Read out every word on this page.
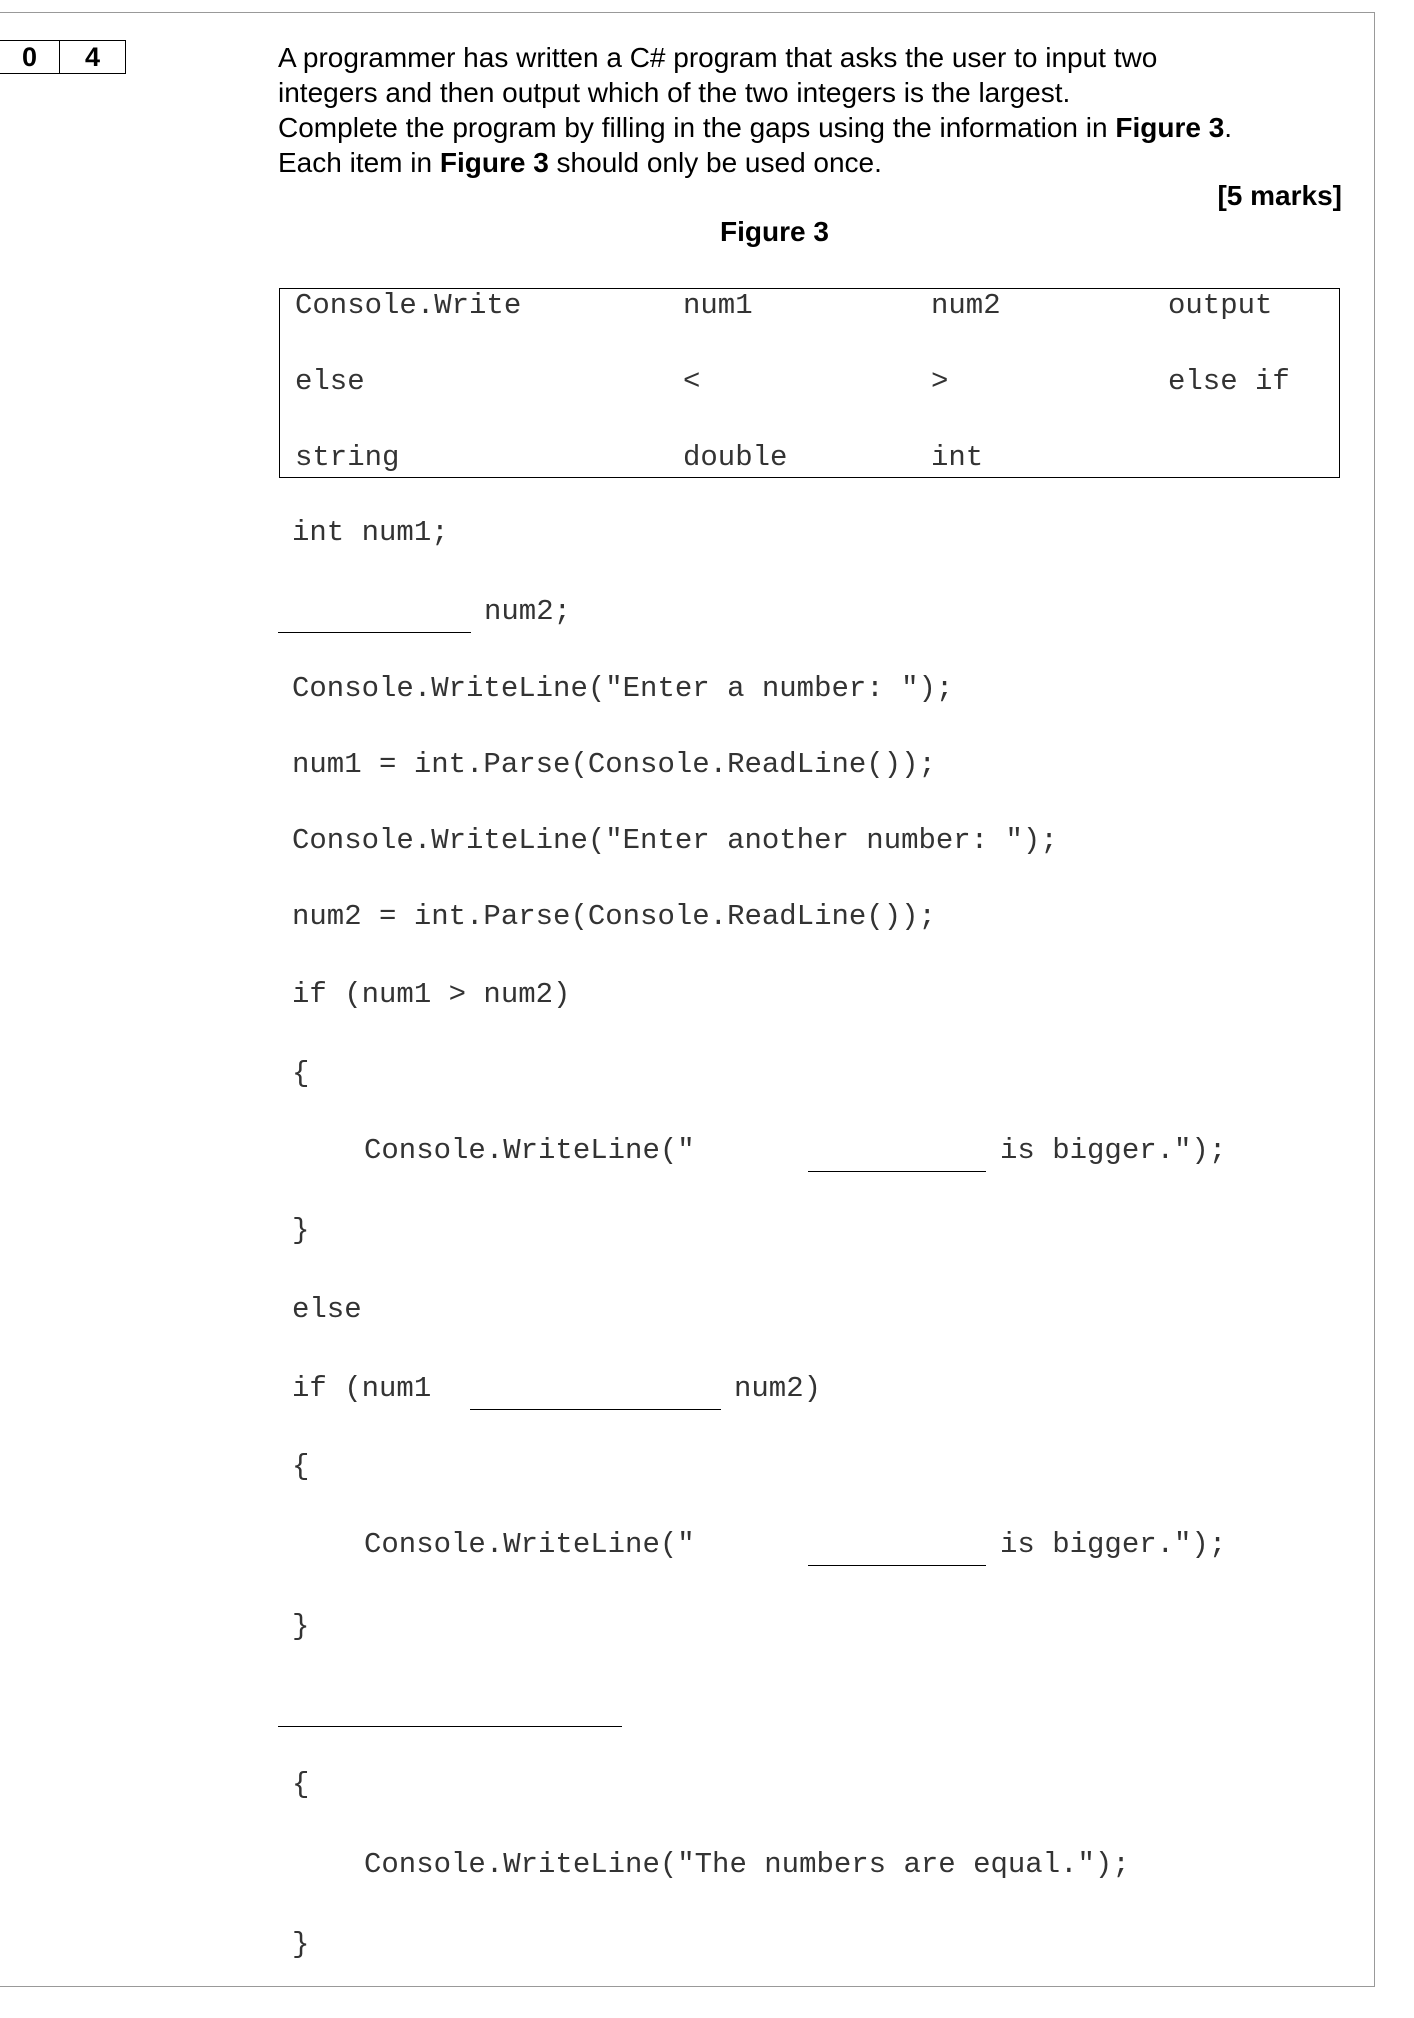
0	4	A programmer has written a C# program that asks the user to input two

integers and then output which of the two integers is the largest.

Complete the program by filling in the gaps using the information in Figure 3.

Each item in Figure 3 should only be used once.

[5 marks]
Figure 3
Console.Write	num1	num2	output
else	<	>	else if
string	double	int
int num1;
num2;
Console.WriteLine("Enter a number: ");
num1 = int.Parse(Console.ReadLine());
Console.WriteLine("Enter another number: ");
num2 = int.Parse(Console.ReadLine());
if (num1 > num2)
{
Console.WriteLine("	is bigger.");
}
else
if (num1	num2)
{
Console.WriteLine("	is bigger.");
}
{
Console.WriteLine("The numbers are equal.");
}
